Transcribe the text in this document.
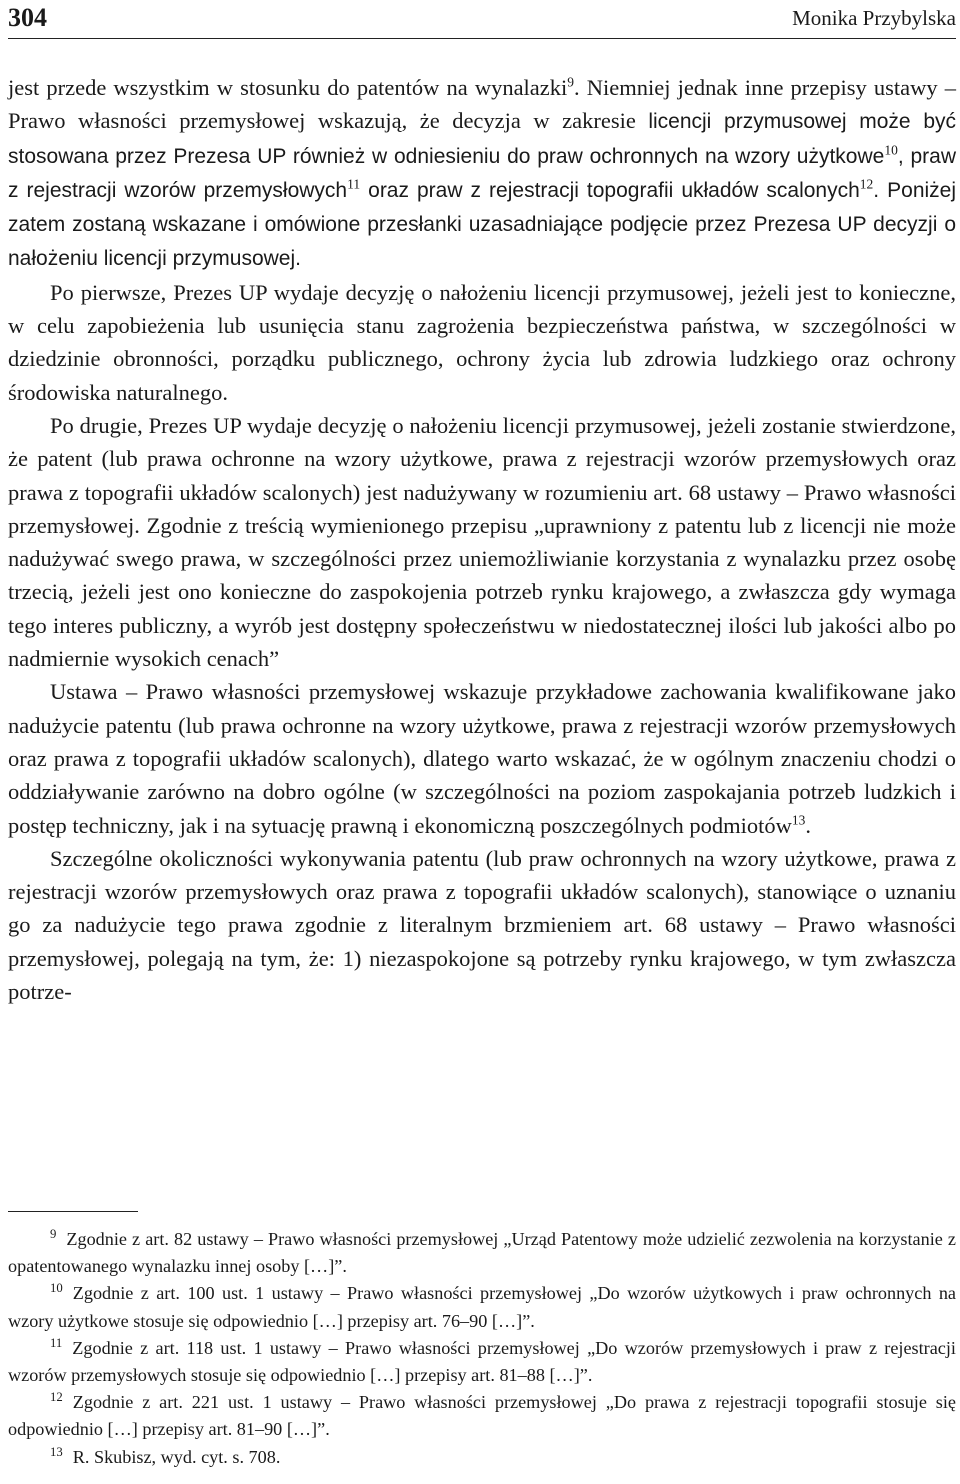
304	Monika Przybylska

jest przede wszystkim w stosunku do patentów na wynalazki$^9$. Niemniej jednak inne przepisy ustawy – Prawo własności przemysłowej wskazują, że decyzja w zakresie licencji przymusowej może być stosowana przez Prezesa UP również w odniesieniu do praw ochronnych na wzory użytkowe$^{10}$, praw z rejestracji wzorów przemysłowych$^{11}$ oraz praw z rejestracji topografii układów scalonych$^{12}$. Poniżej zatem zostaną wskazane i omówione przesłanki uzasadniające podjęcie przez Prezesa UP decyzji o nałożeniu licencji przymusowej.

Po pierwsze, Prezes UP wydaje decyzję o nałożeniu licencji przymusowej, jeżeli jest to konieczne, w celu zapobieżenia lub usunięcia stanu zagrożenia bezpieczeństwa państwa, w szczególności w dziedzinie obronności, porządku publicznego, ochrony życia lub zdrowia ludzkiego oraz ochrony środowiska naturalnego.

Po drugie, Prezes UP wydaje decyzję o nałożeniu licencji przymusowej, jeżeli zostanie stwierdzone, że patent (lub prawa ochronne na wzory użytkowe, prawa z rejestracji wzorów przemysłowych oraz prawa z topografii układów scalonych) jest nadużywany w rozumieniu art. 68 ustawy – Prawo własności przemysłowej. Zgodnie z treścią wymienionego przepisu „uprawniony z patentu lub z licencji nie może nadużywać swego prawa, w szczególności przez uniemożliwianie korzystania z wynalazku przez osobę trzecią, jeżeli jest ono konieczne do zaspokojenia potrzeb rynku krajowego, a zwłaszcza gdy wymaga tego interes publiczny, a wyrób jest dostępny społeczeństwu w niedostatecznej ilości lub jakości albo po nadmiernie wysokich cenach”

Ustawa – Prawo własności przemysłowej wskazuje przykładowe zachowania kwalifikowane jako nadużycie patentu (lub prawa ochronne na wzory użytkowe, prawa z rejestracji wzorów przemysłowych oraz prawa z topografii układów scalonych), dlatego warto wskazać, że w ogólnym znaczeniu chodzi o oddziaływanie zarówno na dobro ogólne (w szczególności na poziom zaspokajania potrzeb ludzkich i postęp techniczny, jak i na sytuację prawną i ekonomiczną poszczególnych podmiotów$^{13}$.

Szczególne okoliczności wykonywania patentu (lub praw ochronnych na wzory użytkowe, prawa z rejestracji wzorów przemysłowych oraz prawa z topografii układów scalonych), stanowiące o uznaniu go za nadużycie tego prawa zgodnie z literalnym brzmieniem art. 68 ustawy – Prawo własności przemysłowej, polegają na tym, że: 1) niezaspokojone są potrzeby rynku krajowego, w tym zwłaszcza potrze-

$^9$ Zgodnie z art. 82 ustawy – Prawo własności przemysłowej „Urząd Patentowy może udzielić zezwolenia na korzystanie z opatentowanego wynalazku innej osoby […]”.

$^{10}$ Zgodnie z art. 100 ust. 1 ustawy – Prawo własności przemysłowej „Do wzorów użytkowych i praw ochronnych na wzory użytkowe stosuje się odpowiednio […] przepisy art. 76–90 […]”.

$^{11}$ Zgodnie z art. 118 ust. 1 ustawy – Prawo własności przemysłowej „Do wzorów przemysłowych i praw z rejestracji wzorów przemysłowych stosuje się odpowiednio […] przepisy art. 81–88 […]”.

$^{12}$ Zgodnie z art. 221 ust. 1 ustawy – Prawo własności przemysłowej „Do prawa z rejestracji topografii stosuje się odpowiednio […] przepisy art. 81–90 […]”.

$^{13}$ R. Skubisz, wyd. cyt. s. 708.
